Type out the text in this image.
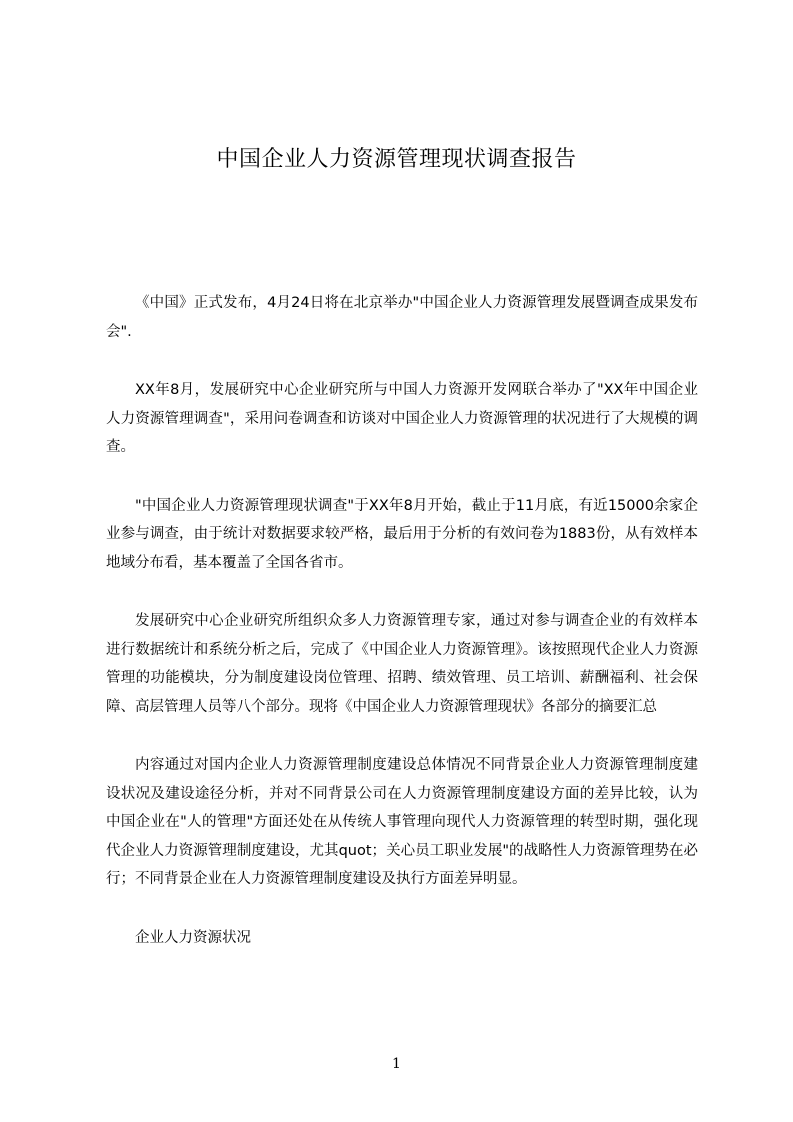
中国企业人力资源管理现状调查报告

《中国》正式发布，4月24日将在北京举办"中国企业人力资源管理发展暨调查成果发布会".

XX年8月，发展研究中心企业研究所与中国人力资源开发网联合举办了"XX年中国企业人力资源管理调查"，采用问卷调查和访谈对中国企业人力资源管理的状况进行了大规模的调查。

"中国企业人力资源管理现状调查"于XX年8月开始，截止于11月底，有近15000余家企业参与调查，由于统计对数据要求较严格，最后用于分析的有效问卷为1883份，从有效样本地域分布看，基本覆盖了全国各省市。

发展研究中心企业研究所组织众多人力资源管理专家，通过对参与调查企业的有效样本进行数据统计和系统分析之后，完成了《中国企业人力资源管理》。该按照现代企业人力资源管理的功能模块，分为制度建设岗位管理、招聘、绩效管理、员工培训、薪酬福利、社会保障、高层管理人员等八个部分。现将《中国企业人力资源管理现状》各部分的摘要汇总

内容通过对国内企业人力资源管理制度建设总体情况不同背景企业人力资源管理制度建设状况及建设途径分析，并对不同背景公司在人力资源管理制度建设方面的差异比较，认为中国企业在"人的管理"方面还处在从传统人事管理向现代人力资源管理的转型时期，强化现代企业人力资源管理制度建设，尤其quot；关心员工职业发展"的战略性人力资源管理势在必行；不同背景企业在人力资源管理制度建设及执行方面差异明显。

企业人力资源状况

1
